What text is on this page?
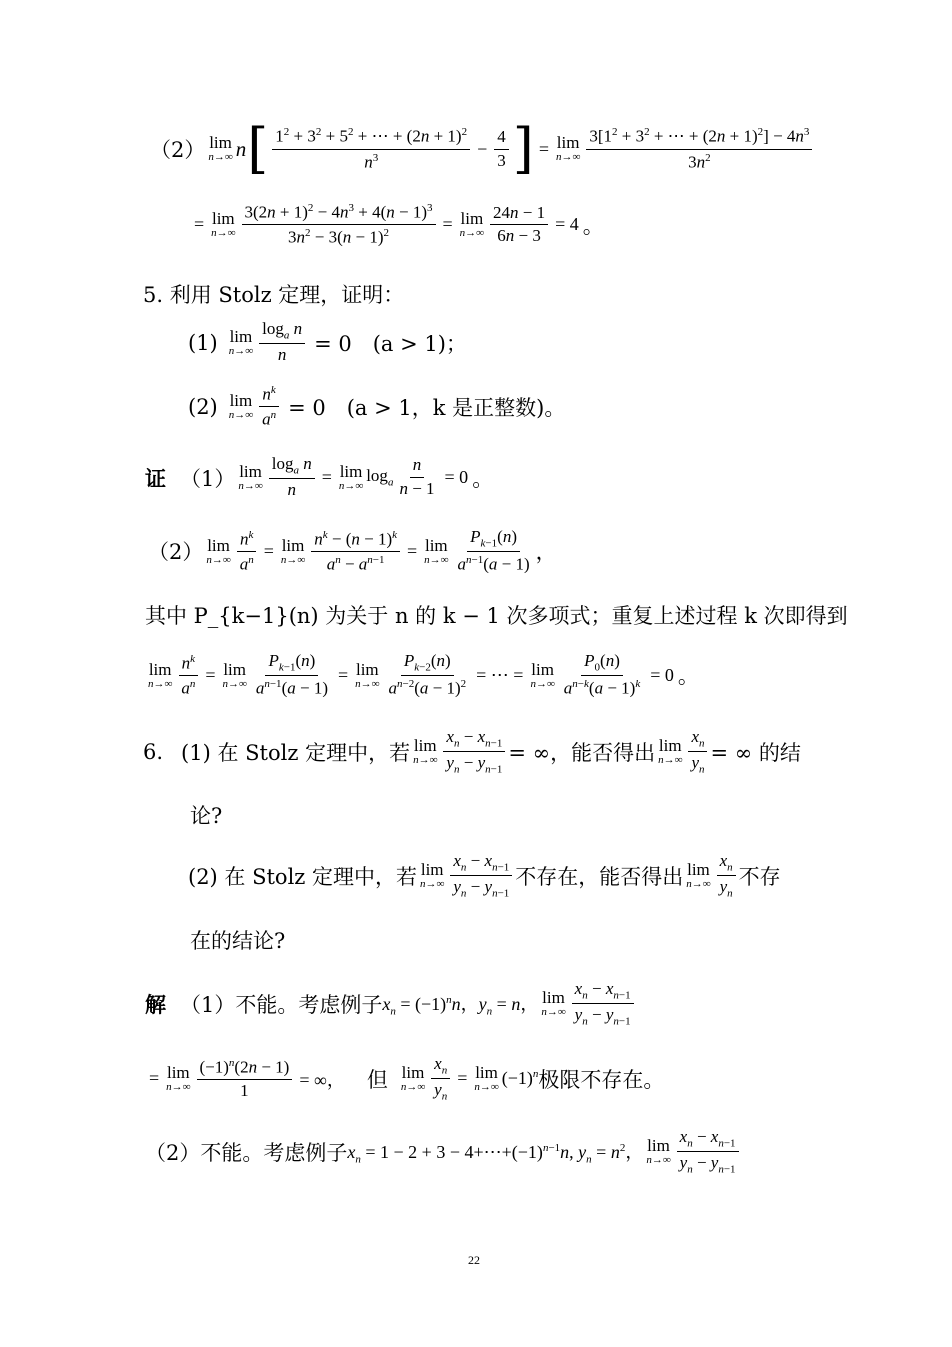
（2） lim
n→∞ n [ $\frac{1^2 + 3^2 + 5^2 + \cdots + (2n + 1)^2}{n^3} - \frac{4}{3}$ ] = lim
$n\to\infty \frac{3[1^2 + 3^2 + \cdots + (2n + 1)^2] - 4n^3}{3n^2}$
= lim
$n\to\infty \frac{3(2n + 1)^2 - 4n^3 + 4(n - 1)^3}{3n^2 - 3(n - 1)^2} = \lim$
$n\to\infty \frac{24n - 1}{6n - 3} = 4$ 。
5. 利用 Stolz 定理，证明：
(1) lim
$n\to\infty \frac{\log_a n}{n} = 0$　(a > 1)；
(2) lim
$n\to\infty \frac{n^k}{a^n} = 0$　(a > 1，k 是正整数)。
证 （1） lim
$n\to\infty \frac{\log_a n}{n} = \lim$
n→∞
$\log_a \frac{n}{n - 1} = 0$ 。
（2） lim
$n\to\infty \frac{n^k}{a^n} = \lim$
$n\to\infty \frac{n^k - (n - 1)^k}{a^n - a^{n-1}} = \lim$
$n\to\infty \frac{P_{k-1}(n)}{a^{n-1}(a - 1)}$ ，
其中 P_{k−1}(n) 为关于 n 的 k − 1 次多项式；重复上述过程 k 次即得到
lim
$n\to\infty \frac{n^k}{a^n} = \lim$
$n\to\infty \frac{P_{k-1}(n)}{a^{n-1}(a - 1)} = \lim$
$n\to\infty \frac{P_{k-2}(n)}{a^{n-2}(a - 1)^2}$ = ⋯ = lim
$n\to\infty \frac{P_0(n)}{a^{n-k}(a - 1)^k} = 0$ 。
6. (1) 在 Stolz 定理中，若 lim
$n\to\infty \frac{x_n - x_{n-1}}{y_n - y_{n-1}}$ = ∞，能否得出 lim
$n\to\infty \frac{x_n}{y_n}$ = ∞ 的结
论?
(2) 在 Stolz 定理中，若 lim
$n\to\infty \frac{x_n - x_{n-1}}{y_n - y_{n-1}}$ 不存在，能否得出 lim
$n\to\infty \frac{x_n}{y_n}$ 不存
在的结论?
解 （1）不能。考虑例子 $x_n = (-1)^nn$，$y_n = n$， lim
$n\to\infty \frac{x_n - x_{n-1}}{y_n - y_{n-1}}$
= lim
$n\to\infty \frac{(-1)^n(2n - 1)}{1}$ = ∞， 但 lim
$n\to\infty \frac{x_n}{y_n} = \lim$
n→∞ $(-1)^n$ 极限不存在。
（2）不能。考虑例子 $x_n = 1 - 2 + 3$ − $4+\cdots+(-1)^{n-1}n$, $y_n = n^2$， lim
$n\to\infty \frac{x_n - x_{n-1}}{y_n - y_{n-1}}$
22
